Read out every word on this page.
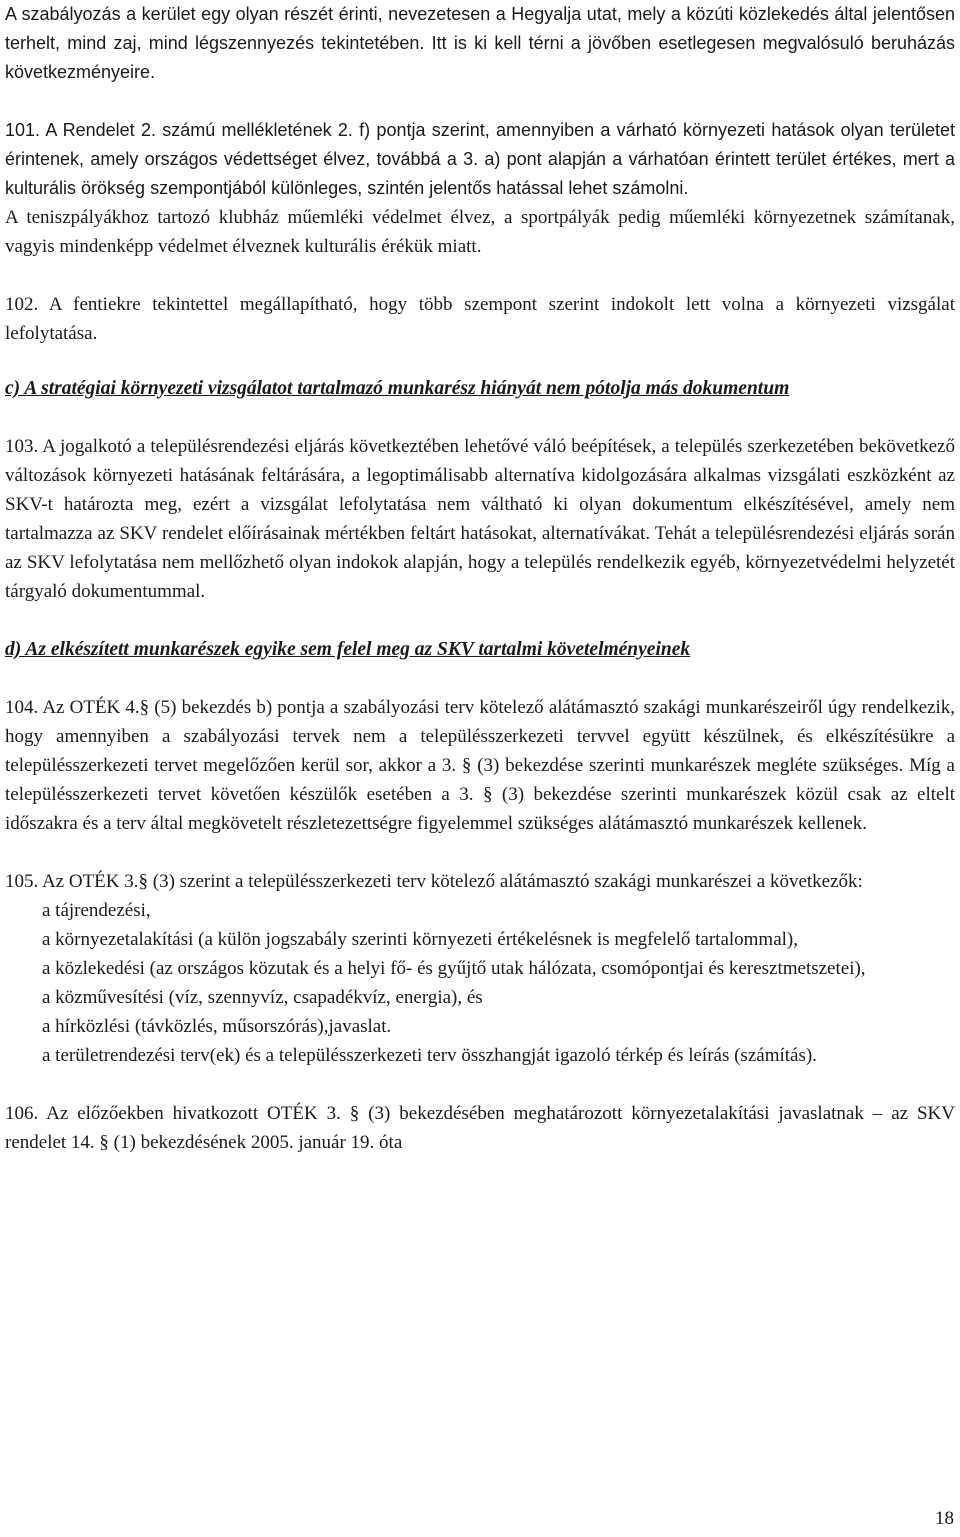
A szabályozás a kerület egy olyan részét érinti, nevezetesen a Hegyalja utat, mely a közúti közlekedés által jelentősen terhelt, mind zaj, mind légszennyezés tekintetében. Itt is ki kell térni a jövőben esetlegesen megvalósuló beruházás következményeire.

101. A Rendelet 2. számú mellékletének 2. f) pontja szerint, amennyiben a várható környezeti hatások olyan területet érintenek, amely országos védettséget élvez, továbbá a 3. a) pont alapján a várhatóan érintett terület értékes, mert a kulturális örökség szempontjából különleges, szintén jelentős hatással lehet számolni.

A teniszpályákhoz tartozó klubház műemléki védelmet élvez, a sportpályák pedig műemléki környezetnek számítanak, vagyis mindenképp védelmet élveznek kulturális érékük miatt.

102. A fentiekre tekintettel megállapítható, hogy több szempont szerint indokolt lett volna a környezeti vizsgálat lefolytatása.

c) A stratégiai környezeti vizsgálatot tartalmazó munkarész hiányát nem pótolja más dokumentum

103. A jogalkotó a településrendezési eljárás következtében lehetővé váló beépítések, a település szerkezetében bekövetkező változások környezeti hatásának feltárására, a legoptimálisabb alternatíva kidolgozására alkalmas vizsgálati eszközként az SKV-t határozta meg, ezért a vizsgálat lefolytatása nem váltható ki olyan dokumentum elkészítésével, amely nem tartalmazza az SKV rendelet előírásainak mértékben feltárt hatásokat, alternatívákat. Tehát a településrendezési eljárás során az SKV lefolytatása nem mellőzhető olyan indokok alapján, hogy a település rendelkezik egyéb, környezetvédelmi helyzetét tárgyaló dokumentummal.

d) Az elkészített munkarészek egyike sem felel meg az SKV tartalmi követelményeinek

104. Az OTÉK 4.§ (5) bekezdés b) pontja a szabályozási terv kötelező alátámasztó szakági munkarészeiről úgy rendelkezik, hogy amennyiben a szabályozási tervek nem a településszerkezeti tervvel együtt készülnek, és elkészítésükre a településszerkezeti tervet megelőzően kerül sor, akkor a 3. § (3) bekezdése szerinti munkarészek megléte szükséges. Míg a településszerkezeti tervet követően készülők esetében a 3. § (3) bekezdése szerinti munkarészek közül csak az eltelt időszakra és a terv által megkövetelt részletezettségre figyelemmel szükséges alátámasztó munkarészek kellenek.

105. Az OTÉK 3.§ (3) szerint a településszerkezeti terv kötelező alátámasztó szakági munkarészei a következők:

a tájrendezési,

a környezetalakítási (a külön jogszabály szerinti környezeti értékelésnek is megfelelő tartalommal),

a közlekedési (az országos közutak és a helyi fő- és gyűjtő utak hálózata, csomópontjai és keresztmetszetei),

a közművesítési (víz, szennyvíz, csapadékvíz, energia), és

a hírközlési (távközlés, műsorszórás),javaslat.

a területrendezési terv(ek) és a településszerkezeti terv összhangját igazoló térkép és leírás (számítás).

106. Az előzőekben hivatkozott OTÉK 3. § (3) bekezdésében meghatározott környezetalakítási javaslatnak – az SKV rendelet 14. § (1) bekezdésének 2005. január 19. óta

18
